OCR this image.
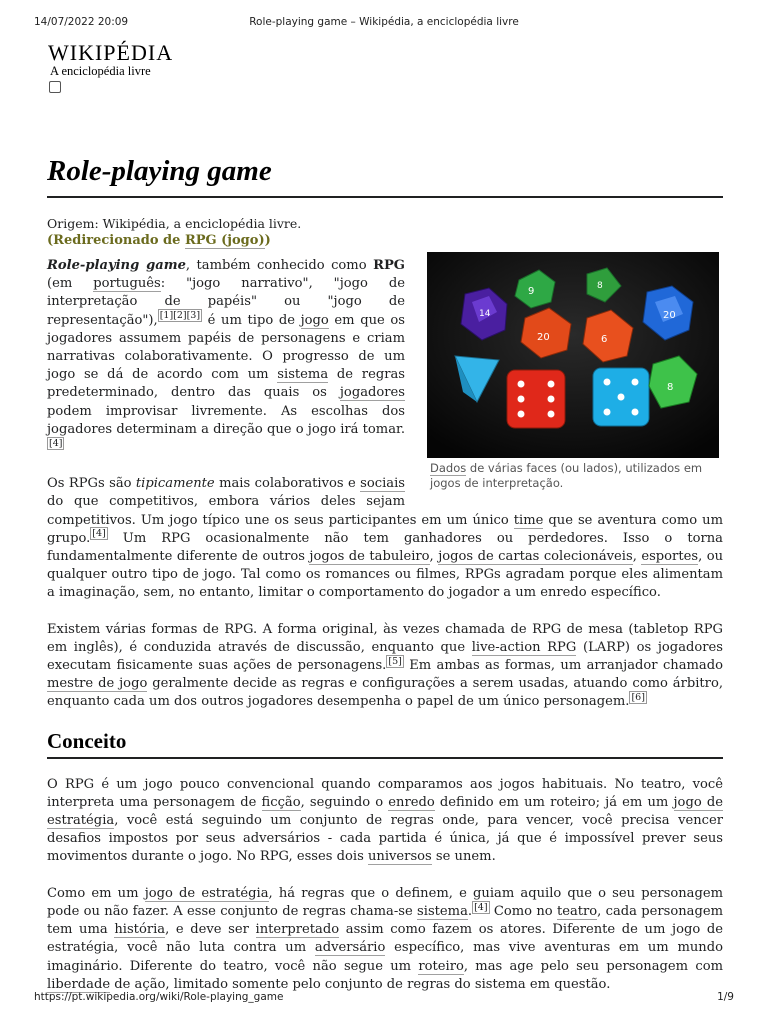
14/07/2022 20:09	Role-playing game – Wikipédia, a enciclopédia livre
WIKIPÉDIA
A enciclopédia livre
Role-playing game
Origem: Wikipédia, a enciclopédia livre.
(Redirecionado de RPG (jogo))
14
9	8
20
20	6
8
Dados de várias faces (ou lados), utilizados em jogos de interpretação.

Role-playing game, também conhecido como RPG (em português: "jogo narrativo", "jogo de interpretação de papéis" ou "jogo de representação"), [1][2][3] é um tipo de jogo em que os jogadores assumem papéis de personagens e criam narrativas colaborativamente. O progresso de um jogo se dá de acordo com um sistema de regras predeterminado, dentro das quais os jogadores podem improvisar livremente. As escolhas dos jogadores determinam a direção que o jogo irá tomar.[4]

Os RPGs são tipicamente mais colaborativos e sociais do que competitivos, embora vários deles sejam competitivos. Um jogo típico une os seus participantes em um único time que se aventura como um grupo. [4] Um RPG ocasionalmente não tem ganhadores ou perdedores. Isso o torna fundamentalmente diferente de outros jogos de tabuleiro, jogos de cartas colecionáveis, esportes, ou qualquer outro tipo de jogo. Tal como os romances ou filmes, RPGs agradam porque eles alimentam a imaginação, sem, no entanto, limitar o comportamento do jogador a um enredo específico.

Existem várias formas de RPG. A forma original, às vezes chamada de RPG de mesa (tabletop RPG em inglês), é conduzida através de discussão, enquanto que live-action RPG (LARP) os jogadores executam fisicamente suas ações de personagens. [5] Em ambas as formas, um arranjador chamado mestre de jogo geralmente decide as regras e configurações a serem usadas, atuando como árbitro, enquanto cada um dos outros jogadores desempenha o papel de um único personagem. [6]

Conceito

O RPG é um jogo pouco convencional quando comparamos aos jogos habituais. No teatro, você interpreta uma personagem de ficção, seguindo o enredo definido em um roteiro; já em um jogo de estratégia, você está seguindo um conjunto de regras onde, para vencer, você precisa vencer desafios impostos por seus adversários - cada partida é única, já que é impossível prever seus movimentos durante o jogo. No RPG, esses dois universos se unem.

Como em um jogo de estratégia, há regras que o definem, e guiam aquilo que o seu personagem pode ou não fazer. A esse conjunto de regras chama-se sistema. [4] Como no teatro, cada personagem tem uma história, e deve ser interpretado assim como fazem os atores. Diferente de um jogo de estratégia, você não luta contra um adversário específico, mas vive aventuras em um mundo imaginário. Diferente do teatro, você não segue um roteiro, mas age pelo seu personagem com liberdade de ação, limitado somente pelo conjunto de regras do sistema em questão.

https://pt.wikipedia.org/wiki/Role-playing_game	1/9
